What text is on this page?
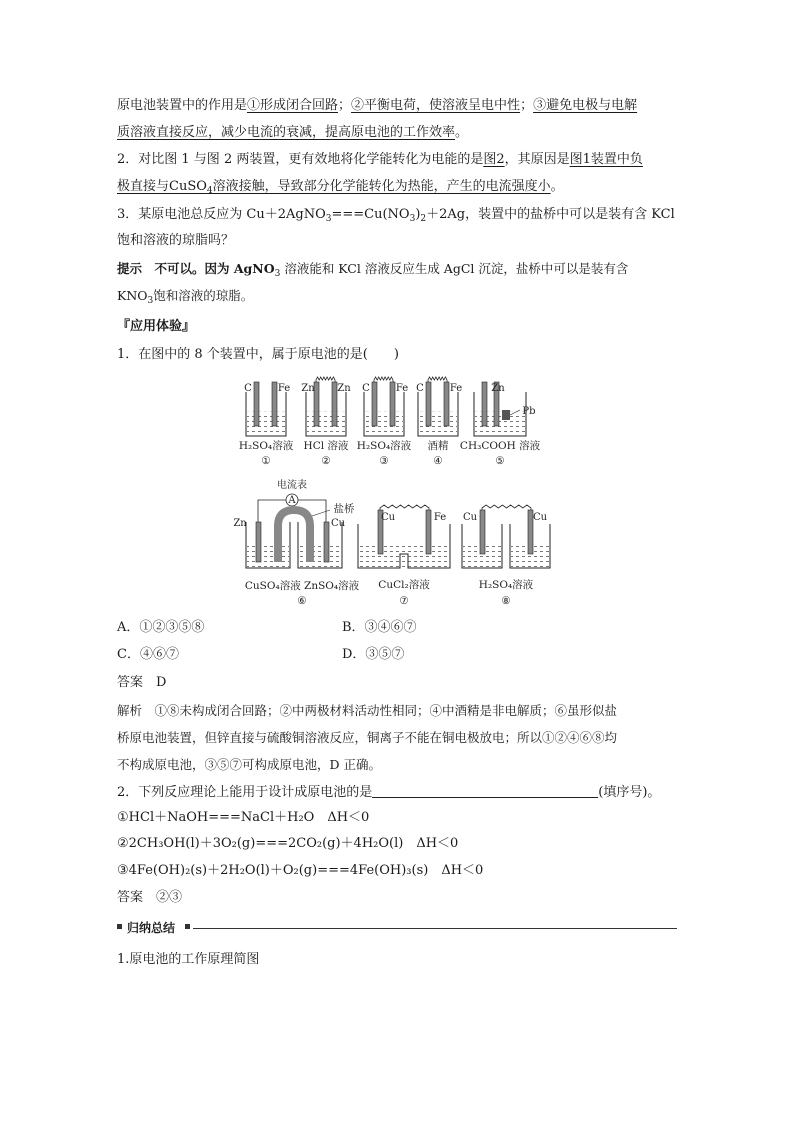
原电池装置中的作用是①形成闭合回路；②平衡电荷，使溶液呈电中性；③避免电极与电解
质溶液直接反应，减少电流的衰减，提高原电池的工作效率。
2．对比图 1 与图 2 两装置，更有效地将化学能转化为电能的是图2，其原因是图1装置中负
极直接与CuSO$_4$溶液接触，导致部分化学能转化为热能，产生的电流强度小。
3．某原电池总反应为 $Cu+2AgNO_3===Cu(NO_3)_2+2Ag$，装置中的盐桥中可以是装有含 KCl
饱和溶液的琼脂吗？
提示　不可以。因为 AgNO$_3$ 溶液能和 KCl 溶液反应生成 AgCl 沉淀，盐桥中可以是装有含
$KNO_3$饱和溶液的琼脂。
『应用体验』
1．在图中的 8 个装置中，属于原电池的是(　　)
C	Fe
H₂SO₄溶液
①
Zn Zn
HCl 溶液
②
C	Fe
H₂SO₄溶液
③
C	Fe
酒精
④
Zn
Pb
CH₃COOH 溶液
⑤
电流表
A
盐桥
Zn	Cu
CuSO₄溶液 ZnSO₄溶液
⑥
Cu	Fe
CuCl₂溶液
⑦
Cu	Cu
H₂SO₄溶液
⑧
A．①②③⑤⑧	B．③④⑥⑦
C．④⑥⑦	D．③⑤⑦
答案　D
解析　①⑧未构成闭合回路；②中两极材料活动性相同；④中酒精是非电解质；⑥虽形似盐
桥原电池装置，但锌直接与硫酸铜溶液反应，铜离子不能在铜电极放电；所以①②④⑥⑧均
不构成原电池，③⑤⑦可构成原电池，D 正确。
2．下列反应理论上能用于设计成原电池的是	(填序号)。
①HCl＋NaOH===NaCl＋H₂O　ΔH＜0
②2CH₃OH(l)＋3O₂(g)===2CO₂(g)＋4H₂O(l)　ΔH＜0
③4Fe(OH)₂(s)＋2H₂O(l)＋O₂(g)===4Fe(OH)₃(s)　ΔH＜0
答案　②③
归纳总结
1.原电池的工作原理简图
